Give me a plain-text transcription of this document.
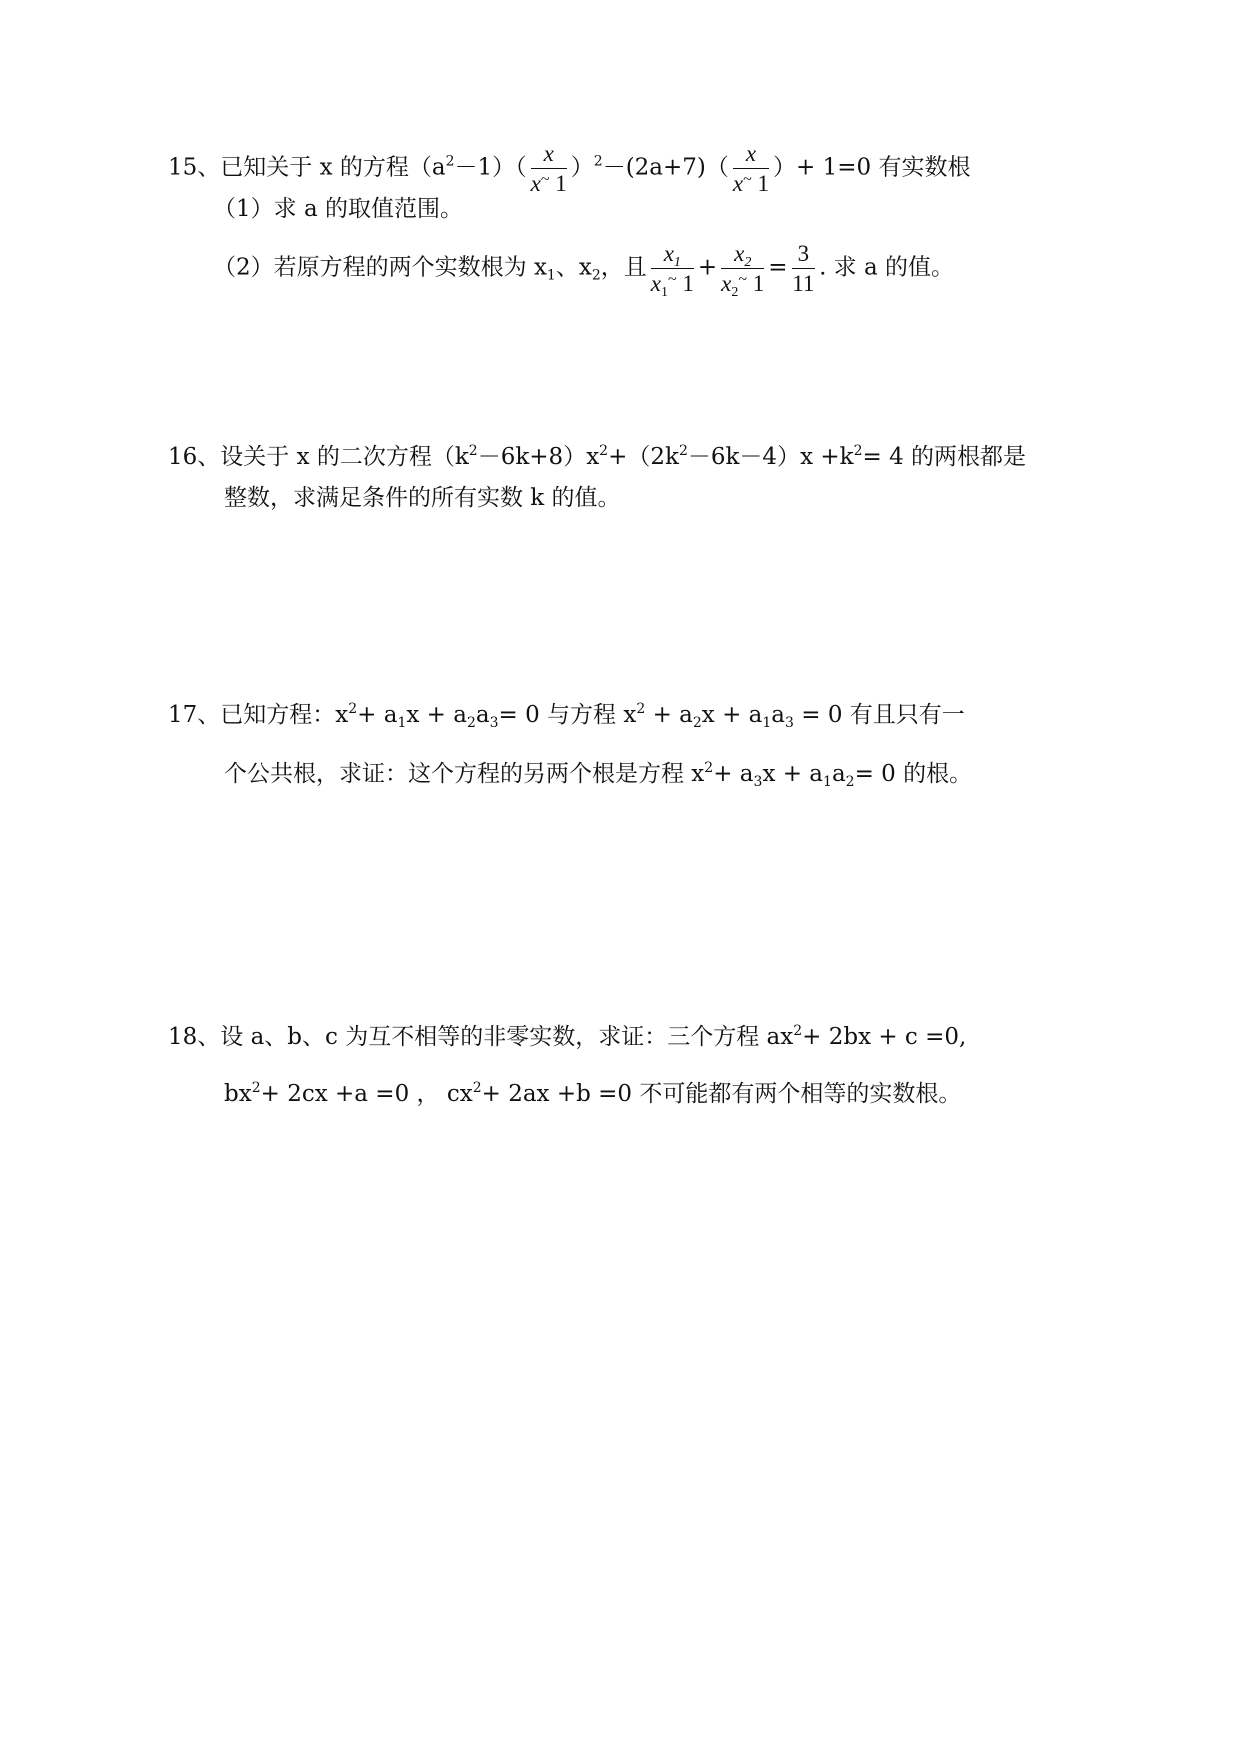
15、已知关于 x 的方程$(a^2-1)( \frac{x}{x^\sim 1} )^2-(2a+7)( \frac{x}{x^\sim 1}$ ）+ 1=0 有实数根
（1）求 a 的取值范围。
（2）若原方程的两个实数根为 $x_1$、$x_2$，且 $\frac{x_1}{x_1^\sim 1} + \frac{x_2}{x_2^\sim 1} = \frac{3}{11}$ . 求 a 的值。
16、设关于 x 的二次方程$(k^2-6k+8)x^2+(2k^2-6k-4)x +k^2= 4$ 的两根都是
整数，求满足条件的所有实数 k 的值。
17、已知方程：$x^2+ a_1x + a_2a_3= 0$ 与方程 $x^2 + a_2x + a_1a_3 = 0$ 有且只有一
个公共根，求证：这个方程的另两个根是方程 $x^2+ a_3x + a_1a_2= 0$ 的根。
18、设 a、b、c 为互不相等的非零实数，求证：三个方程 $ax^2+ 2bx + c =0$,
$bx^2+ 2cx +a =0$ ， $cx^2+ 2ax +b =0$ 不可能都有两个相等的实数根。
